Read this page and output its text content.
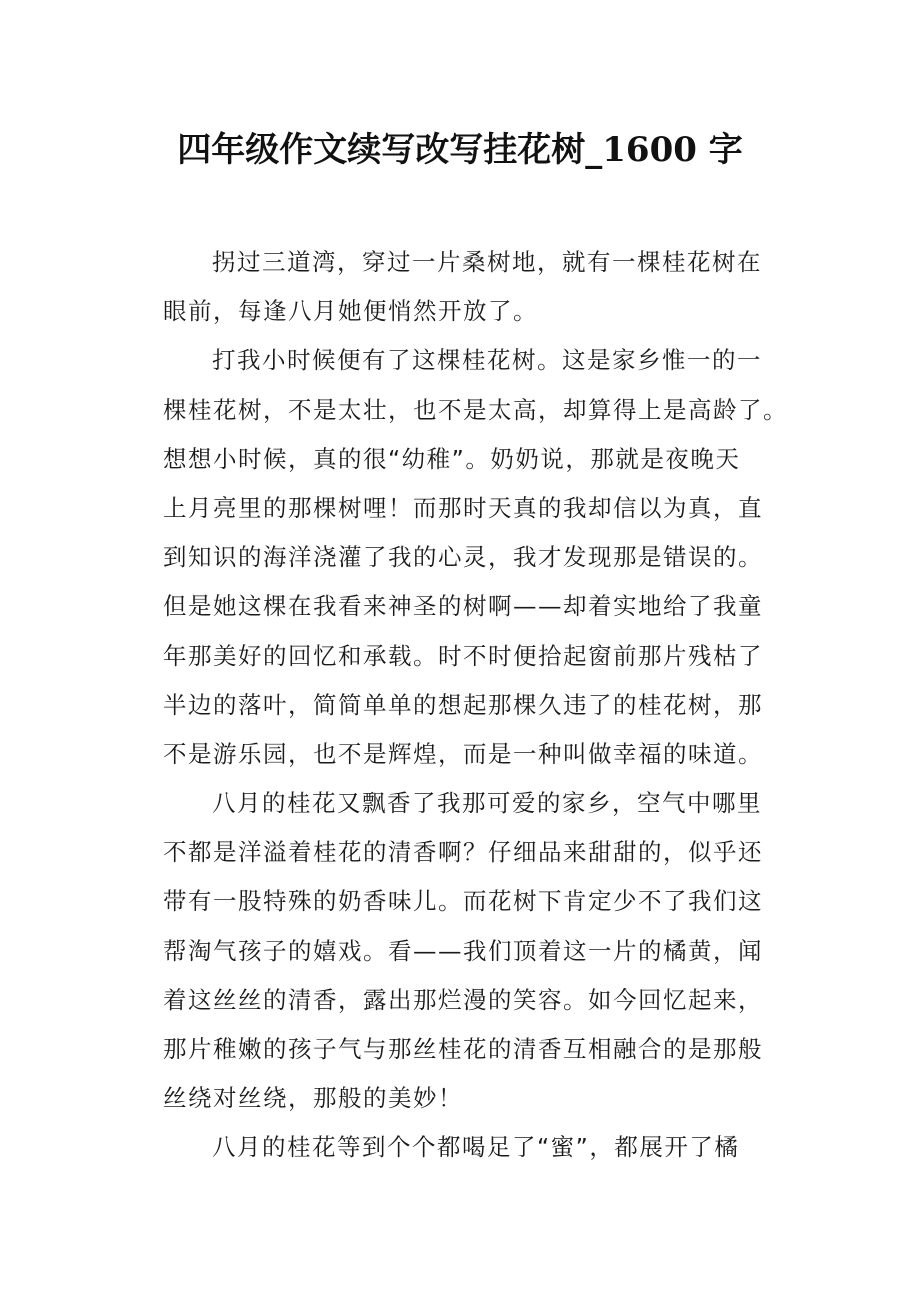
四年级作文续写改写挂花树_1600 字
拐过三道湾，穿过一片桑树地，就有一棵桂花树在
眼前，每逢八月她便悄然开放了。
打我小时候便有了这棵桂花树。这是家乡惟一的一
棵桂花树，不是太壮，也不是太高，却算得上是高龄了。
想想小时候，真的很“幼稚”。奶奶说，那就是夜晚天
上月亮里的那棵树哩！而那时天真的我却信以为真，直
到知识的海洋浇灌了我的心灵，我才发现那是错误的。
但是她这棵在我看来神圣的树啊——却着实地给了我童
年那美好的回忆和承载。时不时便拾起窗前那片残枯了
半边的落叶，简简单单的想起那棵久违了的桂花树，那
不是游乐园，也不是辉煌，而是一种叫做幸福的味道。
八月的桂花又飘香了我那可爱的家乡，空气中哪里
不都是洋溢着桂花的清香啊？仔细品来甜甜的，似乎还
带有一股特殊的奶香味儿。而花树下肯定少不了我们这
帮淘气孩子的嬉戏。看——我们顶着这一片的橘黄，闻
着这丝丝的清香，露出那烂漫的笑容。如今回忆起来，
那片稚嫩的孩子气与那丝桂花的清香互相融合的是那般
丝绕对丝绕，那般的美妙！
八月的桂花等到个个都喝足了“蜜”，都展开了橘
